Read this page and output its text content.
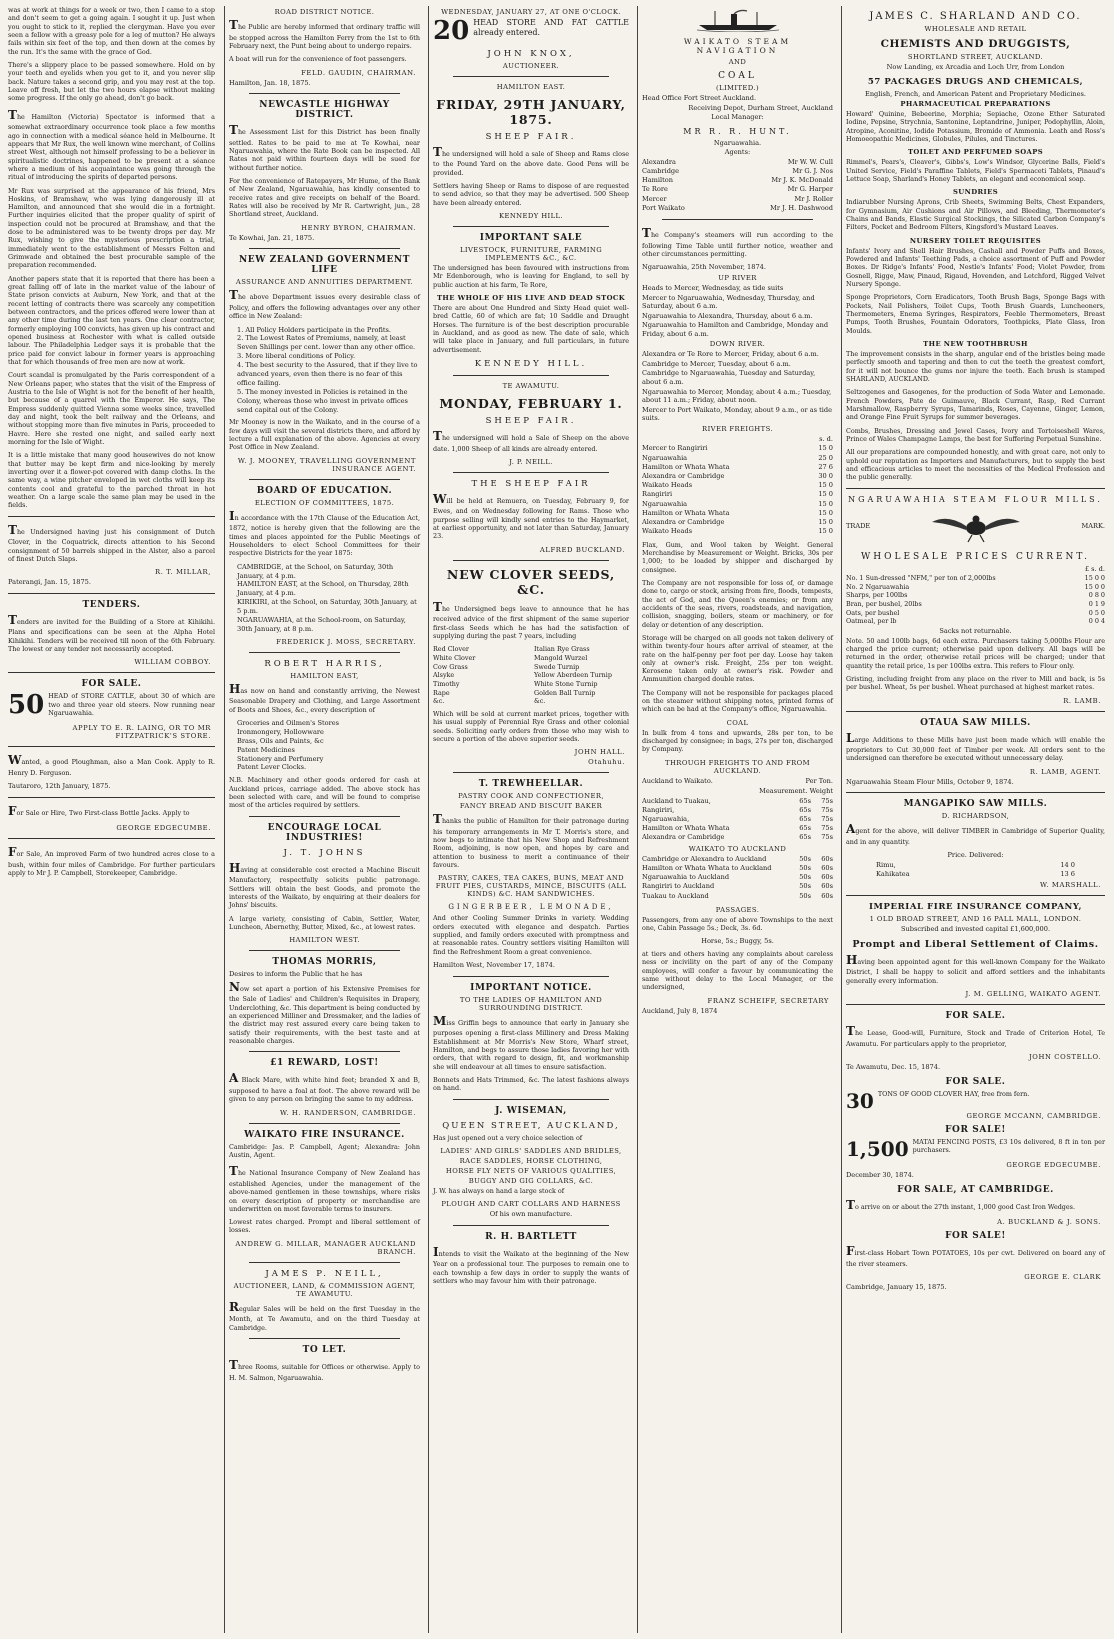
was at work at things for a week or two, then I came to a stop and don't seem to get a going again. I sought it up. Just when you ought to stick to it, replied the clergyman. Have you ever seen a fellow with a greasy pole for a leg of mutton? He always fails within six feet of the top, and then down at the comes by the run. It's the same with the grace of God.

There's a slippery place to be passed somewhere. Hold on by your teeth and eyelids when you get to it, and you never slip back. Nature takes a second grip, and you may rest at the top. Leave off fresh, but let the two hours elapse without making some progress. If the only go ahead, don't go back.

The Hamilton (Victoria) Spectator is informed that a somewhat extraordinary occurrence took place a few months ago in connection with a medical séance held in Melbourne. It appears that Mr Rux, the well known wine merchant, of Collins street West, although not himself professing to be a believer in spiritualistic doctrines, happened to be present at a séance where a medium of his acquaintance was going through the ritual of introducing the spirits of departed persons.

Mr Rux was surprised at the appearance of his friend, Mrs Hoskins, of Bramshaw, who was lying dangerously ill at Hamilton, and announced that she would die in a fortnight. Further inquiries elicited that the proper quality of spirit of inspection could not be procured at Bramshaw, and that the dose to be administered was to be twenty drops per day. Mr Rux, wishing to give the mysterious prescription a trial, immediately went to the establishment of Messrs Felton and Grimwade and obtained the best procurable sample of the preparation recommended.

Another papers state that it is reported that there has been a great falling off of late in the market value of the labour of State prison convicts at Auburn, New York, and that at the recent letting of contracts there was scarcely any competition between contractors, and the prices offered were lower than at any other time during the last ten years. One clear contractor, formerly employing 100 convicts, has given up his contract and opened business at Rochester with what is called outside labour. The Philadelphia Ledger says it is probable that the price paid for convict labour in former years is approaching that for which thousands of free men are now at work.

Court scandal is promulgated by the Paris correspondent of a New Orleans paper, who states that the visit of the Empress of Austria to the Isle of Wight is not for the benefit of her health, but because of a quarrel with the Emperor. He says, The Empress suddenly quitted Vienna some weeks since, travelled day and night, took the belt railway and the Orleans, and without stopping more than five minutes in Paris, proceeded to Havre. Here she rested one night, and sailed early next morning for the Isle of Wight.

It is a little mistake that many good housewives do not know that butter may be kept firm and nice-looking by merely inverting over it a flower-pot covered with damp cloths. In the same way, a wine pitcher enveloped in wet cloths will keep its contents cool and grateful to the parched throat in hot weather. On a large scale the same plan may be used in the fields.

The Undersigned having just his consignment of Dutch Clover, in the Coquatrick, directs attention to his Second consignment of 50 barrels shipped in the Alster, also a parcel of finest Dutch Slaps.

R. T. MILLAR,
Paterangi, Jan. 15, 1875.
TENDERS.

Tenders are invited for the Building of a Store at Kihikihi. Plans and specifications can be seen at the Alpha Hotel Kihikihi. Tenders will be received till noon of the 6th February. The lowest or any tender not necessarily accepted.

WILLIAM COBBOY.
FOR SALE.
50 HEAD of STORE CATTLE, about 30 of which are two and three year old steers. Now running near Ngaruawahia.

APPLY TO E. R. LAING, OR TO MR FITZPATRICK'S STORE.

Wanted, a good Ploughman, also a Man Cook. Apply to R. Henry D. Ferguson.

Tautaroro, 12th January, 1875.

For Sale or Hire, Two First-class Bottle Jacks. Apply to

GEORGE EDGECUMBE.

For Sale, An improved Farm of two hundred acres close to a bush, within four miles of Cambridge. For further particulars apply to Mr J. P. Campbell, Storekeeper, Cambridge.

ROAD DISTRICT NOTICE.

The Public are hereby informed that ordinary traffic will be stopped across the Hamilton Ferry from the 1st to 6th February next, the Punt being about to undergo repairs.

A boat will run for the convenience of foot passengers.

FELD. GAUDIN, CHAIRMAN.
Hamilton, Jan. 18, 1875.
NEWCASTLE HIGHWAY DISTRICT.

The Assessment List for this District has been finally settled. Rates to be paid to me at Te Kowhai, near Ngaruawahia, where the Rate Book can be inspected. All Rates not paid within fourteen days will be sued for without further notice.

For the convenience of Ratepayers, Mr Hume, of the Bank of New Zealand, Ngaruawahia, has kindly consented to receive rates and give receipts on behalf of the Board. Rates will also be received by Mr R. Cartwright, jun., 28 Shortland street, Auckland.

HENRY BYRON, CHAIRMAN.
Te Kowhai, Jan. 21, 1875.
NEW ZEALAND GOVERNMENT LIFE
ASSURANCE AND ANNUITIES DEPARTMENT.

The above Department issues every desirable class of Policy, and offers the following advantages over any other office in New Zealand:

1. All Policy Holders participate in the Profits.
2. The Lowest Rates of Premiums, namely, at least Seven Shillings per cent. lower than any other office.
3. More liberal conditions of Policy.
4. The best security to the Assured, that if they live to advanced years, even then there is no fear of this office failing.
5. The money invested in Policies is retained in the Colony, whereas those who invest in private offices send capital out of the Colony.

Mr Mooney is now in the Waikato, and in the course of a few days will visit the several districts there, and afford by lecture a full explanation of the above. Agencies at every Post Office in New Zealand.

W. J. MOONEY, TRAVELLING GOVERNMENT INSURANCE AGENT.
BOARD OF EDUCATION.
ELECTION OF COMMITTEES, 1875.

In accordance with the 17th Clause of the Education Act, 1872, notice is hereby given that the following are the times and places appointed for the Public Meetings of Householders to elect School Committees for their respective Districts for the year 1875:

CAMBRIDGE, at the School, on Saturday, 30th January, at 4 p.m.
HAMILTON EAST, at the School, on Thursday, 28th January, at 4 p.m.
KIRIKIRI, at the School, on Saturday, 30th January, at 5 p.m.
NGARUAWAHIA, at the School-room, on Saturday, 30th January, at 8 p.m.
FREDERICK J. MOSS, SECRETARY.
ROBERT HARRIS,
HAMILTON EAST,

Has now on hand and constantly arriving, the Newest Seasonable Drapery and Clothing, and Large Assortment of Boots and Shoes, &c., every description of

Groceries and Oilmen's Stores
Ironmongery, Hollowware
Brass, Oils and Paints, &c
Patent Medicines
Stationery and Perfumery
Patent Lever Clocks.

N.B. Machinery and other goods ordered for cash at Auckland prices, carriage added. The above stock has been selected with care, and will be found to comprise most of the articles required by settlers.

ENCOURAGE LOCAL INDUSTRIES!
J. T. JOHNS

Having at considerable cost erected a Machine Biscuit Manufactory, respectfully solicits public patronage. Settlers will obtain the best Goods, and promote the interests of the Waikato, by enquiring at their dealers for Johns' biscuits.

A large variety, consisting of Cabin, Settler, Water, Luncheon, Abernethy, Butter, Mixed, &c., at lowest rates.

HAMILTON WEST.
THOMAS MORRIS,
Desires to inform the Public that he has

Now set apart a portion of his Extensive Premises for the Sale of Ladies' and Children's Requisites in Drapery, Underclothing, &c. This department is being conducted by an experienced Milliner and Dressmaker, and the ladies of the district may rest assured every care being taken to satisfy their requirements, with the best taste and at reasonable charges.

£1 REWARD, LOST!

A Black Mare, with white hind feet; branded X and B, supposed to have a foal at foot. The above reward will be given to any person on bringing the same to my address.

W. H. RANDERSON, CAMBRIDGE.
WAIKATO FIRE INSURANCE.

Cambridge: Jas. P. Campbell, Agent; Alexandra: John Austin, Agent.

The National Insurance Company of New Zealand has established Agencies, under the management of the above-named gentlemen in these townships, where risks on every description of property or merchandise are underwritten on most favorable terms to insurers.

Lowest rates charged. Prompt and liberal settlement of losses.

ANDREW G. MILLAR, MANAGER AUCKLAND BRANCH.
JAMES P. NEILL,
AUCTIONEER, LAND, & COMMISSION AGENT, TE AWAMUTU.

Regular Sales will be held on the first Tuesday in the Month, at Te Awamutu, and on the third Tuesday at Cambridge.

TO LET.

Three Rooms, suitable for Offices or otherwise. Apply to H. M. Salmon, Ngaruawahia.

WEDNESDAY, JANUARY 27, AT ONE O'CLOCK.
20 HEAD STORE AND FAT CATTLE already entered.

JOHN KNOX,
AUCTIONEER.
HAMILTON EAST.
FRIDAY, 29TH JANUARY, 1875.
SHEEP FAIR.

The undersigned will hold a sale of Sheep and Rams close to the Pound Yard on the above date. Good Pens will be provided.

Settlers having Sheep or Rams to dispose of are requested to send advice, so that they may be advertised. 500 Sheep have been already entered.

KENNEDY HILL.
IMPORTANT SALE
LIVESTOCK, FURNITURE, FARMING IMPLEMENTS &C., &C.

The undersigned has been favoured with instructions from Mr Edenborough, who is leaving for England, to sell by public auction at his farm, Te Rore,

THE WHOLE OF HIS LIVE AND DEAD STOCK

There are about One Hundred and Sixty Head quiet well-bred Cattle, 60 of which are fat; 10 Saddle and Draught Horses. The furniture is of the best description procurable in Auckland, and as good as new. The date of sale, which will take place in January, and full particulars, in future advertisement.

KENNEDY HILL.
TE AWAMUTU.
MONDAY, FEBRUARY 1.
SHEEP FAIR.

The undersigned will hold a Sale of Sheep on the above date. 1,000 Sheep of all kinds are already entered.

J. P. NEILL.
THE SHEEP FAIR

Will be held at Remuera, on Tuesday, February 9, for Ewes, and on Wednesday following for Rams. Those who purpose selling will kindly send entries to the Haymarket, at earliest opportunity, and not later than Saturday, January 23.

ALFRED BUCKLAND.
NEW CLOVER SEEDS, &C.

The Undersigned begs leave to announce that he has received advice of the first shipment of the same superior first-class Seeds which he has had the satisfaction of supplying during the past 7 years, including

Red Clover	Italian Rye Grass
White Clover	Mangold Wurzel
Cow Grass	Swede Turnip
Alsyke	Yellow Aberdeen Turnip
Timothy	White Stone Turnip
Rape	Golden Ball Turnip
&c.	&c.

Which will be sold at current market prices, together with his usual supply of Perennial Rye Grass and other colonial seeds. Soliciting early orders from those who may wish to secure a portion of the above superior seeds.

JOHN HALL.
Otahuhu.
T. TREWHEELLAR.
PASTRY COOK AND CONFECTIONER,
FANCY BREAD AND BISCUIT BAKER

Thanks the public of Hamilton for their patronage during his temporary arrangements in Mr T. Morris's store, and now begs to intimate that his New Shop and Refreshment Room, adjoining, is now open, and hopes by care and attention to business to merit a continuance of their favours.

PASTRY, CAKES, TEA CAKES, BUNS, MEAT AND FRUIT PIES, CUSTARDS, MINCE, BISCUITS (ALL KINDS) &C. HAM SANDWICHES.
GINGERBEER, LEMONADE,

And other Cooling Summer Drinks in variety. Wedding orders executed with elegance and despatch. Parties supplied, and family orders executed with promptness and at reasonable rates. Country settlers visiting Hamilton will find the Refreshment Room a great convenience.

Hamilton West, November 17, 1874.
IMPORTANT NOTICE.
TO THE LADIES OF HAMILTON AND SURROUNDING DISTRICT.

Miss Griffin begs to announce that early in January she purposes opening a first-class Millinery and Dress Making Establishment at Mr Morris's New Store, Wharf street, Hamilton, and begs to assure those ladies favoring her with orders, that with regard to design, fit, and workmanship she will endeavour at all times to ensure satisfaction.

Bonnets and Hats Trimmed, &c. The latest fashions always on hand.

J. WISEMAN,
QUEEN STREET, AUCKLAND,

Has just opened out a very choice selection of

LADIES' AND GIRLS' SADDLES AND BRIDLES,
RACE SADDLES, HORSE CLOTHING,
HORSE FLY NETS OF VARIOUS QUALITIES,
BUGGY AND GIG COLLARS, &C.

J. W. has always on hand a large stock of

PLOUGH AND CART COLLARS AND HARNESS
Of his own manufacture.
R. H. BARTLETT

Intends to visit the Waikato at the beginning of the New Year on a professional tour. The purposes to remain one to each township a few days in order to supply the wants of settlers who may favour him with their patronage.

WAIKATO STEAM NAVIGATION
AND
COAL
(LIMITED.)
Head Office Fort Street Auckland.
Receiving Depot, Durham Street, Auckland
Local Manager:
MR R. R. HUNT.
Ngaruawahia.
Agents:
Alexandra	Mr W. W. Cull
Cambridge	Mr G. J. Nos
Hamilton	Mr J. K. McDonald
Te Rore	Mr G. Harper
Mercer	Mr J. Roller
Port Waikato	Mr J. H. Dashwood

The Company's steamers will run according to the following Time Table until further notice, weather and other circumstances permitting.

Ngaruawahia, 25th November, 1874.
UP RIVER
Heads to Mercer, Wednesday, as tide suits
Mercer to Ngaruawahia, Wednesday, Thursday, and Saturday, about 6 a.m.
Ngaruawahia to Alexandra, Thursday, about 6 a.m.
Ngaruawahia to Hamilton and Cambridge, Monday and Friday, about 6 a.m.
DOWN RIVER.
Alexandra or Te Rore to Mercer, Friday, about 6 a.m.
Cambridge to Mercer, Tuesday, about 6 a.m.
Cambridge to Ngaruawahia, Tuesday and Saturday, about 6 a.m.
Ngaruawahia to Mercer, Monday, about 4 a.m.; Tuesday, about 11 a.m.; Friday, about noon.
Mercer to Port Waikato, Monday, about 9 a.m., or as tide suits.
RIVER FREIGHTS.
s. d.
Mercer to Rangiriri	15 0
Ngaruawahia	25 0
Hamilton or Whata Whata	27 6
Alexandra or Cambridge	30 0
Waikato Heads	15 0
Rangiriri	15 0
Ngaruawahia	15 0
Hamilton or Whata Whata	15 0
Alexandra or Cambridge	15 0
Waikato Heads	15 0

Flax, Gum, and Wool taken by Weight. General Merchandise by Measurement or Weight. Bricks, 30s per 1,000; to be loaded by shipper and discharged by consignee.

The Company are not responsible for loss of, or damage done to, cargo or stock, arising from fire, floods, tempests, the act of God, and the Queen's enemies; or from any accidents of the seas, rivers, roadsteads, and navigation, collision, snagging, boilers, steam or machinery, or for delay or detention of any description.

Storage will be charged on all goods not taken delivery of within twenty-four hours after arrival of steamer, at the rate on the half-penny per foot per day. Loose hay taken only at owner's risk. Freight, 25s per ton weight. Kerosene taken only at owner's risk. Powder and Ammunition charged double rates.

The Company will not be responsible for packages placed on the steamer without shipping notes, printed forms of which can be had at the Company's office, Ngaruawahia.

COAL

In bulk from 4 tons and upwards, 28s per ton, to be discharged by consignee; in bags, 27s per ton, discharged by Company.

THROUGH FREIGHTS TO AND FROM AUCKLAND.
Auckland to Waikato.	Per Ton.
Measurement. Weight
Auckland to Tuakau,	65s	75s
Rangiriri,	65s	75s
Ngaruawahia,	65s	75s
Hamilton or Whata Whata	65s	75s
Alexandra or Cambridge	65s	75s
WAIKATO TO AUCKLAND
Cambridge or Alexandra to Auckland	50s	60s
Hamilton or Whata Whata to Auckland	50s	60s
Ngaruawahia to Auckland	50s	60s
Rangiriri to Auckland	50s	60s
Tuakau to Auckland	50s	60s
PASSAGES.

Passengers, from any one of above Townships to the next one, Cabin Passage 5s.; Deck, 3s. 6d.

Horse, 5s.; Buggy, 5s.

at tiers and others having any complaints about careless ness or incivility on the part of any of the Company employees, will confer a favour by communicating the same without delay to the Local Manager, or the undersigned,

FRANZ SCHEIFF, SECRETARY
Auckland, July 8, 1874
JAMES C. SHARLAND AND CO.
WHOLESALE AND RETAIL
CHEMISTS AND DRUGGISTS,
SHORTLAND STREET, AUCKLAND.
Now Landing, ex Arcadia and Loch Urr, from London
57 PACKAGES DRUGS AND CHEMICALS,
English, French, and American Patent and Proprietary Medicines.
PHARMACEUTICAL PREPARATIONS

Howard' Quinine, Bebeerine, Morphia; Sepiache, Ozone Ether Saturated Iodine, Pepsine, Strychnia, Santonine, Leptandrine, Juniper, Podophyllin, Aloin, Atropine, Aconitine, Iodide Potassium, Bromide of Ammonia. Leath and Ross's Homoeopathic Medicines, Globules, Pilules, and Tinctures.

TOILET AND PERFUMED SOAPS

Rimmel's, Pears's, Cleaver's, Gibbs's, Low's Windsor, Glycerine Balls, Field's United Service, Field's Paraffine Tablets, Field's Spermaceti Tablets, Pinaud's Lettuce Soap, Sharland's Honey Tablets, an elegant and economical soap.

SUNDRIES

Indiarubber Nursing Aprons, Crib Sheets, Swimming Belts, Chest Expanders, for Gymnasium, Air Cushions and Air Pillows, and Bleeding, Thermometer's Chains and Bands, Elastic Surgical Stockings, the Silicated Carbon Company's Filters, Pocket and Bedroom Filters, Kingsford's Mustard Leaves.

NURSERY TOILET REQUISITES

Infants' Ivory and Shell Hair Brushes, Cashall and Powder Puffs and Boxes, Powdered and Infants' Teething Pads, a choice assortment of Puff and Powder Boxes. Dr Ridge's Infants' Food, Nestle's Infants' Food; Violet Powder, from Gosnell, Rigge, Maw, Pinaud, Rigaud, Hovenden, and Letchford, Rigged Velvet Nursery Sponge.

Sponge Proprietors, Corn Eradicators, Tooth Brush Bags, Sponge Bags with Pockets, Nail Polishers, Toilet Cups, Tooth Brush Guards, Luncheoners, Thermometers, Enema Syringes, Respirators, Feeble Thermometers, Breast Pumps, Tooth Brushes, Fountain Odorators, Toothpicks, Plate Glass, Iron Moulds.

THE NEW TOOTHBRUSH

The improvement consists in the sharp, angular end of the bristles being made perfectly smooth and tapering and then to cut the teeth the greatest comfort, for it will not bounce the gums nor injure the teeth. Each brush is stamped SHARLAND, AUCKLAND.

Seltzogenes and Gasogenes, for the production of Soda Water and Lemonade. French Powders, Pate de Guimauve, Black Currant, Rasp, Red Currant Marshmallow, Raspberry Syrups, Tamarinds, Roses, Cayenne, Ginger, Lemon, and Orange Fine Fruit Syrups for summer beverages.

Combs, Brushes, Dressing and Jewel Cases, Ivory and Tortoiseshell Wares, Prince of Wales Champagne Lamps, the best for Suffering Perpetual Sunshine.

All our preparations are compounded honestly, and with great care, not only to uphold our reputation as Importers and Manufacturers, but to supply the best and efficacious articles to meet the necessities of the Medical Profession and the public generally.

NGARUAWAHIA STEAM FLOUR MILLS.
TRADE	MARK.
WHOLESALE PRICES CURRENT.
£ s. d.
No. 1 Sun-dressed "NFM," per ton of 2,000lbs	15 0 0
No. 2 Ngaruawahia	15 0 0
Sharps, per 100lbs	0 8 0
Bran, per bushel, 20lbs	0 1 9
Oats, per bushel	0 5 0
Oatmeal, per lb	0 0 4
Sacks not returnable.

Note. 50 and 100lb bags, 6d each extra. Purchasers taking 5,000lbs Flour are charged the price current; otherwise paid upon delivery. All bags will be returned in the order, otherwise retail prices will be charged; under that quantity the retail price, 1s per 100lbs extra. This refers to Flour only.

Gristing, including freight from any place on the river to Mill and back, is 5s per bushel. Wheat, 5s per bushel. Wheat purchased at highest market rates.

R. LAMB.
OTAUA SAW MILLS.

Large Additions to these Mills have just been made which will enable the proprietors to Cut 30,000 feet of Timber per week. All orders sent to the undersigned can therefore be executed without unnecessary delay.

R. LAMB, AGENT.
Ngaruawahia Steam Flour Mills, October 9, 1874.
MANGAPIKO SAW MILLS.
D. RICHARDSON,

Agent for the above, will deliver TIMBER in Cambridge of Superior Quality, and in any quantity.

Price. Delivered:
Rimu,	14 0
Kahikatea	13 6
W. MARSHALL.
IMPERIAL FIRE INSURANCE COMPANY,
1 OLD BROAD STREET, AND 16 PALL MALL, LONDON.
Subscribed and invested capital £1,600,000.
Prompt and Liberal Settlement of Claims.

Having been appointed agent for this well-known Company for the Waikato District, I shall be happy to solicit and afford settlers and the inhabitants generally every information.

J. M. GELLING, WAIKATO AGENT.
FOR SALE.

The Lease, Good-will, Furniture, Stock and Trade of Criterion Hotel, Te Awamutu. For particulars apply to the proprietor,

JOHN COSTELLO.
Te Awamutu, Dec. 15, 1874.
FOR SALE.
30 TONS OF GOOD CLOVER HAY, free from fern.

GEORGE MCCANN, CAMBRIDGE.
FOR SALE!
1,500 MATAI FENCING POSTS, £3 10s delivered, 8 ft in ton per purchasers.

GEORGE EDGECUMBE.
December 30, 1874.
FOR SALE, AT CAMBRIDGE.

To arrive on or about the 27th instant, 1,000 good Cast Iron Wedges.

A. BUCKLAND & J. SONS.
FOR SALE!

First-class Hobart Town POTATOES, 10s per cwt. Delivered on board any of the river steamers.

GEORGE E. CLARK
Cambridge, January 15, 1875.
